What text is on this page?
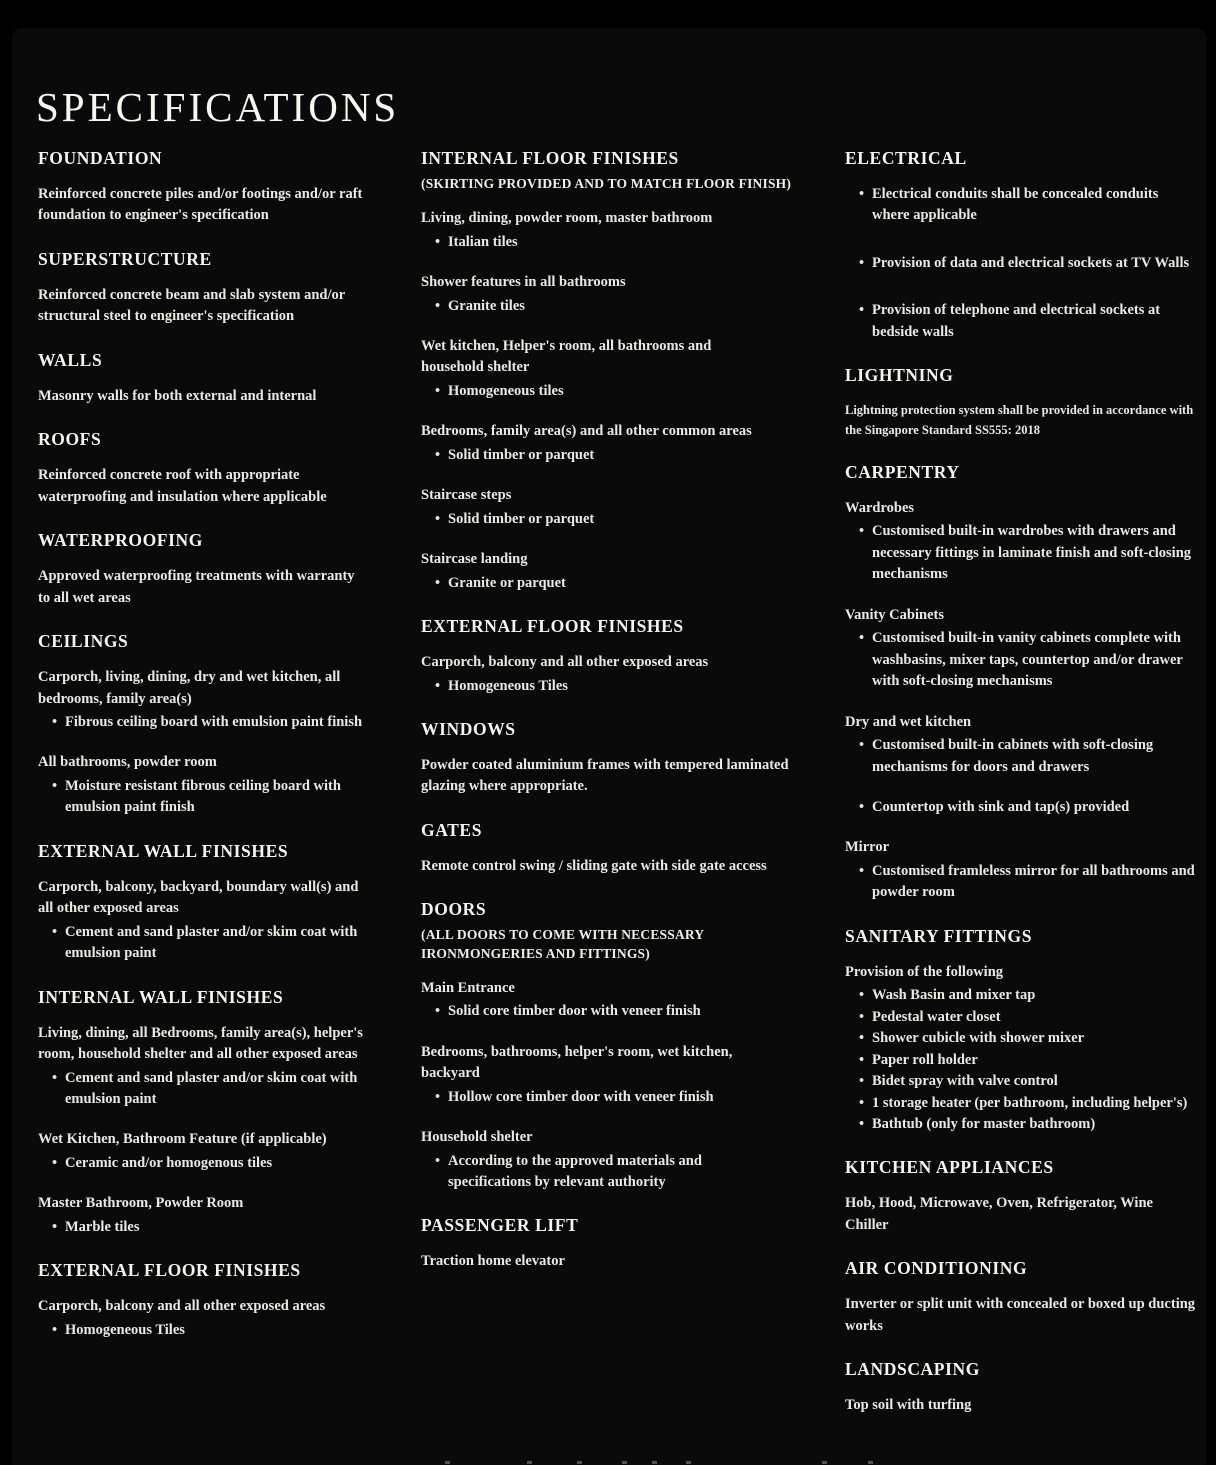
SPECIFICATIONS
FOUNDATION

Reinforced concrete piles and/or footings and/or raft foundation to engineer's specification

SUPERSTRUCTURE

Reinforced concrete beam and slab system and/or structural steel to engineer's specification

WALLS

Masonry walls for both external and internal

ROOFS

Reinforced concrete roof with appropriate waterproofing and insulation where applicable

WATERPROOFING

Approved waterproofing treatments with warranty to all wet areas

CEILINGS
Carporch, living, dining, dry and wet kitchen, all bedrooms, family area(s)
• Fibrous ceiling board with emulsion paint finish
All bathrooms, powder room
• Moisture resistant fibrous ceiling board with emulsion paint finish
EXTERNAL WALL FINISHES
Carporch, balcony, backyard, boundary wall(s) and all other exposed areas
• Cement and sand plaster and/or skim coat with emulsion paint
INTERNAL WALL FINISHES
Living, dining, all Bedrooms, family area(s), helper's room, household shelter and all other exposed areas
• Cement and sand plaster and/or skim coat with emulsion paint
Wet Kitchen, Bathroom Feature (if applicable)
• Ceramic and/or homogenous tiles
Master Bathroom, Powder Room
• Marble tiles
EXTERNAL FLOOR FINISHES
Carporch, balcony and all other exposed areas
• Homogeneous Tiles
INTERNAL FLOOR FINISHES
(SKIRTING PROVIDED AND TO MATCH FLOOR FINISH)
Living, dining, powder room, master bathroom
• Italian tiles
Shower features in all bathrooms
• Granite tiles
Wet kitchen, Helper's room, all bathrooms and household shelter
• Homogeneous tiles
Bedrooms, family area(s) and all other common areas
• Solid timber or parquet
Staircase steps
• Solid timber or parquet
Staircase landing
• Granite or parquet
EXTERNAL FLOOR FINISHES
Carporch, balcony and all other exposed areas
• Homogeneous Tiles
WINDOWS

Powder coated aluminium frames with tempered laminated glazing where appropriate.

GATES

Remote control swing / sliding gate with side gate access

DOORS
(ALL DOORS TO COME WITH NECESSARY IRONMONGERIES AND FITTINGS)
Main Entrance
• Solid core timber door with veneer finish
Bedrooms, bathrooms, helper's room, wet kitchen, backyard
• Hollow core timber door with veneer finish
Household shelter
• According to the approved materials and specifications by relevant authority
PASSENGER LIFT

Traction home elevator

ELECTRICAL
• Electrical conduits shall be concealed conduits where applicable
• Provision of data and electrical sockets at TV Walls
• Provision of telephone and electrical sockets at bedside walls
LIGHTNING

Lightning protection system shall be provided in accordance with the Singapore Standard SS555: 2018

CARPENTRY
Wardrobes
• Customised built-in wardrobes with drawers and necessary fittings in laminate finish and soft-closing mechanisms
Vanity Cabinets
• Customised built-in vanity cabinets complete with washbasins, mixer taps, countertop and/or drawer with soft-closing mechanisms
Dry and wet kitchen
• Customised built-in cabinets with soft-closing mechanisms for doors and drawers
• Countertop with sink and tap(s) provided
Mirror
• Customised framleless mirror for all bathrooms and powder room
SANITARY FITTINGS
Provision of the following
• Wash Basin and mixer tap
• Pedestal water closet
• Shower cubicle with shower mixer
• Paper roll holder
• Bidet spray with valve control
• 1 storage heater (per bathroom, including helper's)
• Bathtub (only for master bathroom)
KITCHEN APPLIANCES

Hob, Hood, Microwave, Oven, Refrigerator, Wine Chiller

AIR CONDITIONING

Inverter or split unit with concealed or boxed up ducting works

LANDSCAPING

Top soil with turfing
